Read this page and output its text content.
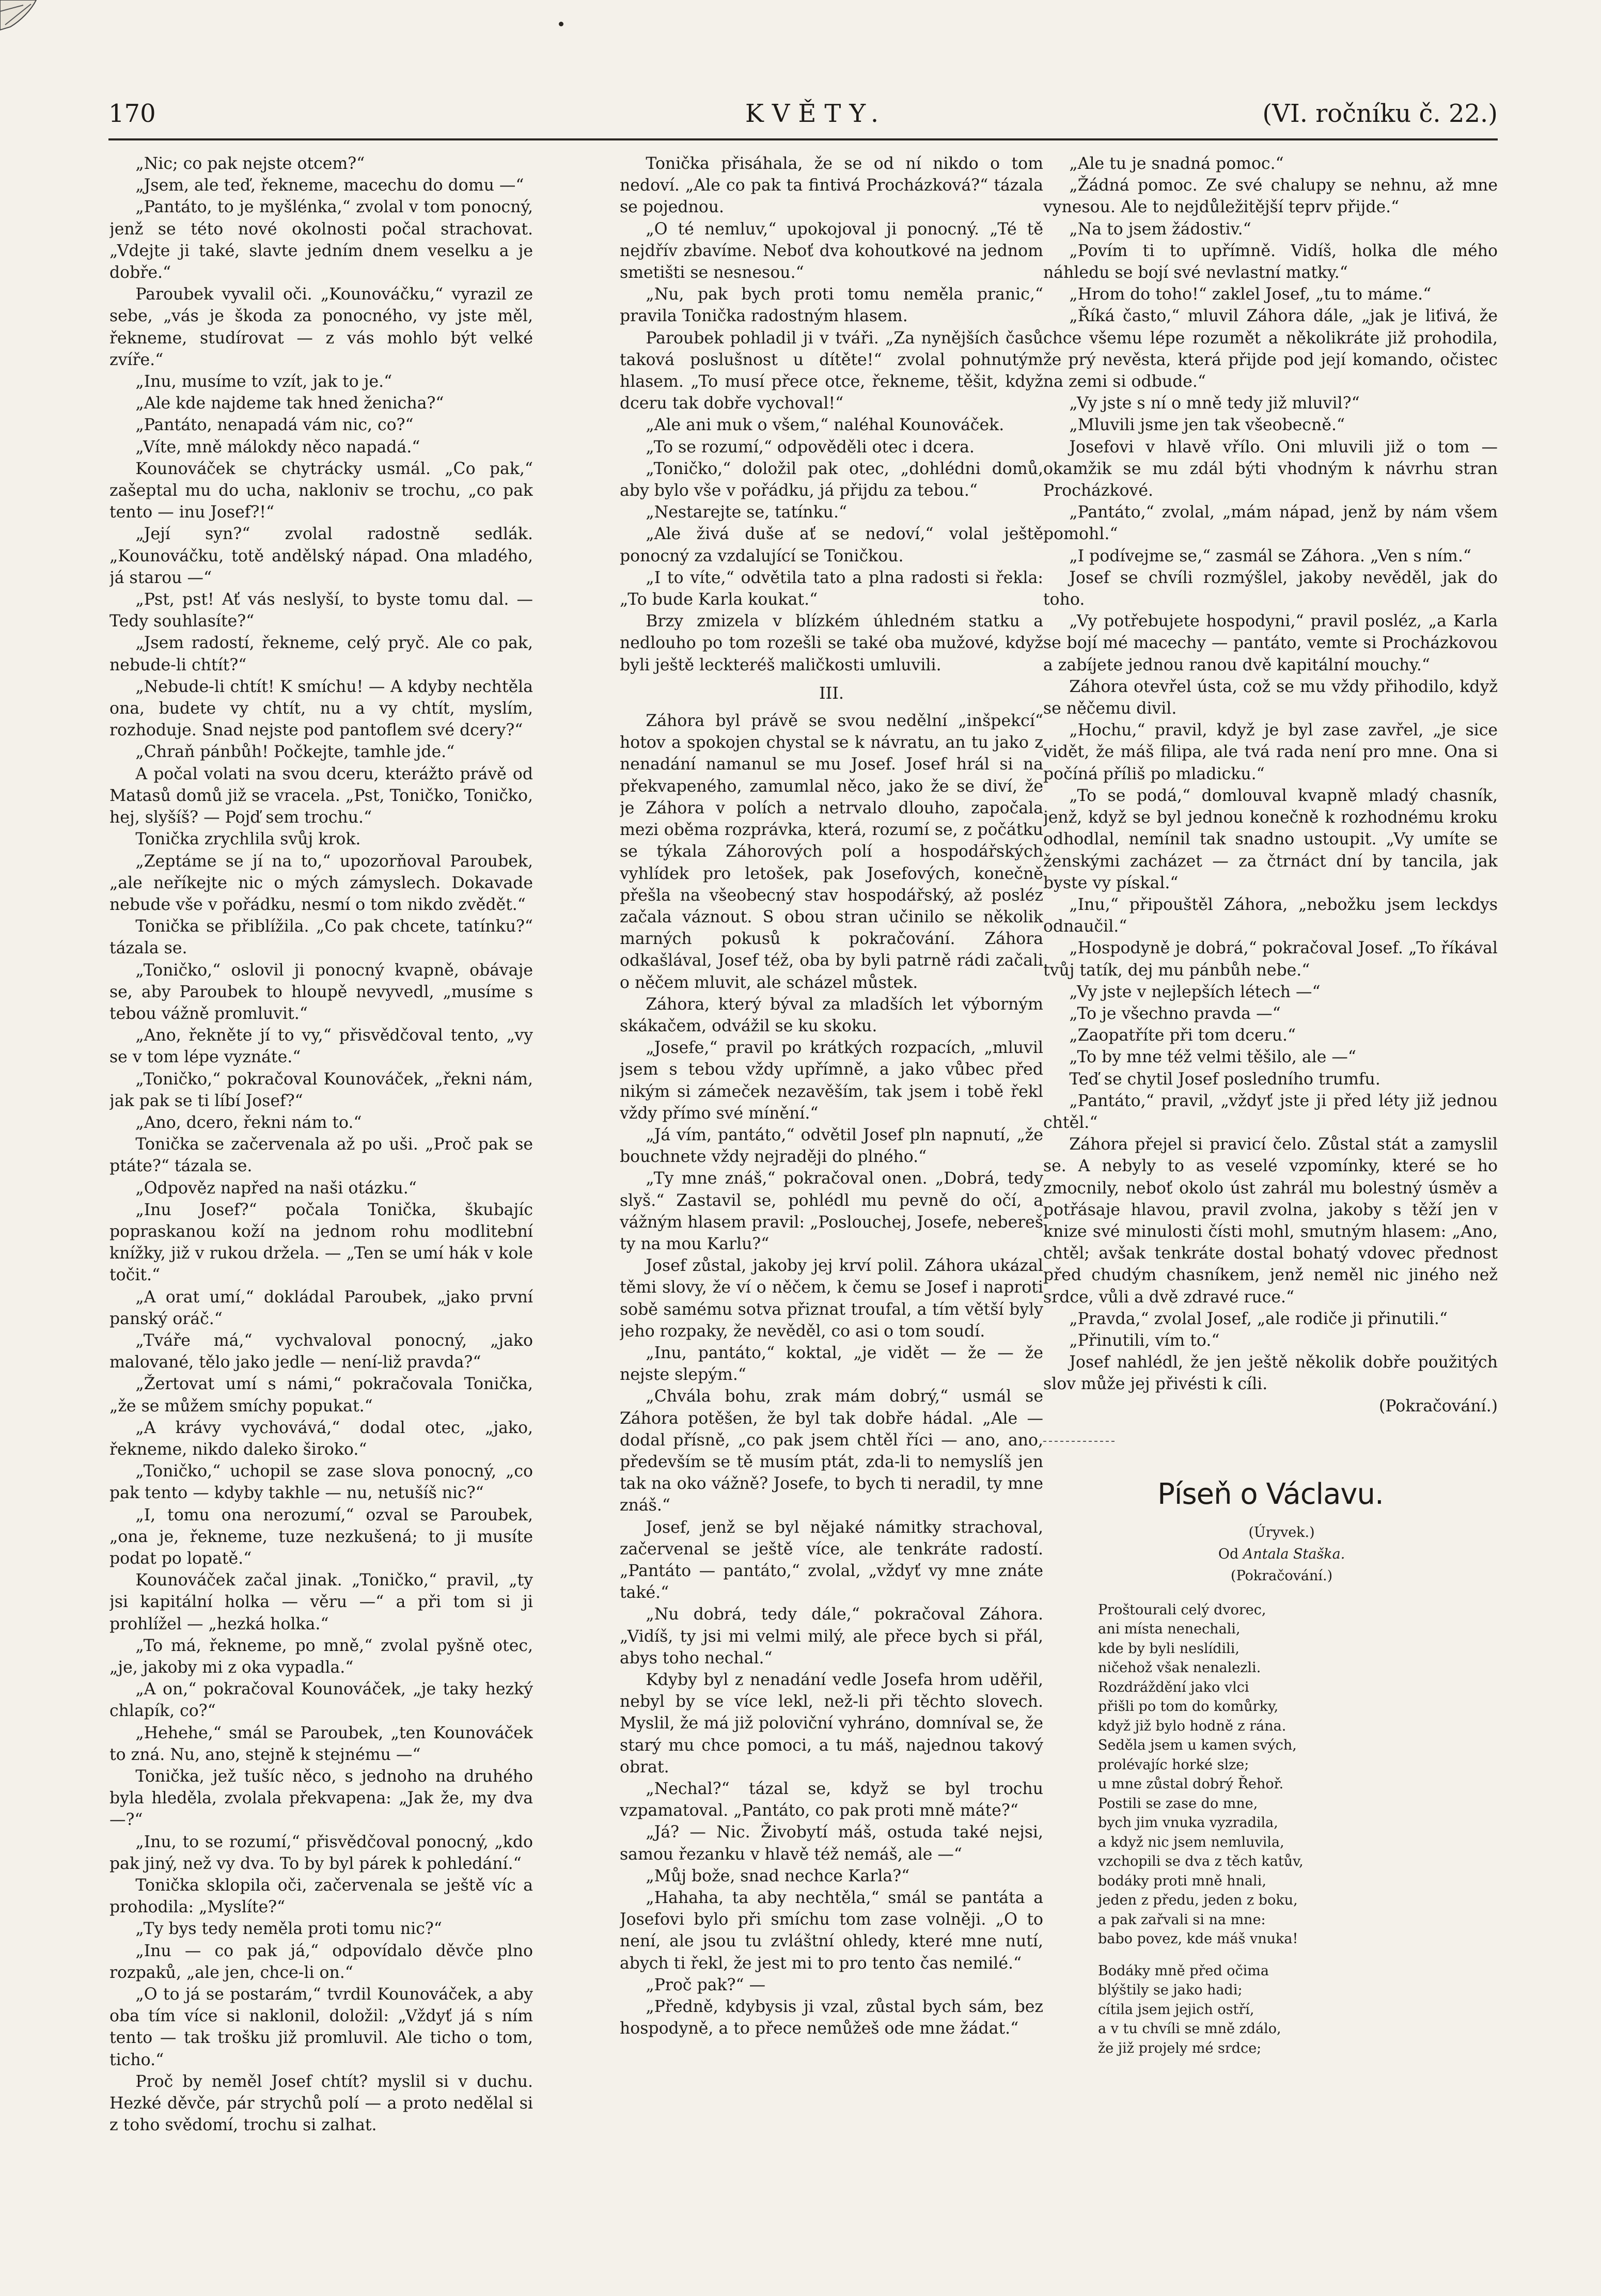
170	KVĚTY.	(VI. ročníku č. 22.)

„Nic; co pak nejste otcem?“

„Jsem, ale teď, řekneme, macechu do domu —“

„Pantáto, to je myšlénka,“ zvolal v tom ponocný, jenž se této nové okolnosti počal strachovat. „Vdejte ji také, slavte jedním dnem veselku a je dobře.“

Paroubek vyvalil oči. „Kounováčku,“ vyrazil ze sebe, „vás je škoda za ponocného, vy jste měl, řekneme, studírovat — z vás mohlo být velké zvíře.“

„Inu, musíme to vzít, jak to je.“

„Ale kde najdeme tak hned ženicha?“

„Pantáto, nenapadá vám nic, co?“

„Víte, mně málokdy něco napadá.“

Kounováček se chytrácky usmál. „Co pak,“ zašeptal mu do ucha, nakloniv se trochu, „co pak tento — inu Josef?!“

„Její syn?“ zvolal radostně sedlák. „Kounováčku, totě andělský nápad. Ona mladého, já starou —“

„Pst, pst! Ať vás neslyší, to byste tomu dal. — Tedy souhlasíte?“

„Jsem radostí, řekneme, celý pryč. Ale co pak, nebude-li chtít?“

„Nebude-li chtít! K smíchu! — A kdyby nechtěla ona, budete vy chtít, nu a vy chtít, myslím, rozhoduje. Snad nejste pod pantoflem své dcery?“

„Chraň pánbůh! Počkejte, tamhle jde.“

A počal volati na svou dceru, kterážto právě od Matasů domů již se vracela. „Pst, Toničko, Toničko, hej, slyšíš? — Pojď sem trochu.“

Tonička zrychlila svůj krok.

„Zeptáme se jí na to,“ upozorňoval Paroubek, „ale neříkejte nic o mých zámyslech. Dokavade nebude vše v pořádku, nesmí o tom nikdo zvědět.“

Tonička se přiblížila. „Co pak chcete, tatínku?“ tázala se.

„Toničko,“ oslovil ji ponocný kvapně, obávaje se, aby Paroubek to hloupě nevyvedl, „musíme s tebou vážně promluvit.“

„Ano, řekněte jí to vy,“ přisvědčoval tento, „vy se v tom lépe vyznáte.“

„Toničko,“ pokračoval Kounováček, „řekni nám, jak pak se ti líbí Josef?“

„Ano, dcero, řekni nám to.“

Tonička se začervenala až po uši. „Proč pak se ptáte?“ tázala se.

„Odpověz napřed na naši otázku.“

„Inu Josef?“ počala Tonička, škubajíc popraskanou koží na jednom rohu modlitební knížky, již v rukou držela. — „Ten se umí hák v kole točit.“

„A orat umí,“ dokládal Paroubek, „jako první panský oráč.“

„Tváře má,“ vychvaloval ponocný, „jako malované, tělo jako jedle — není-liž pravda?“

„Žertovat umí s námi,“ pokračovala Tonička, „že se můžem smíchy popukat.“

„A krávy vychovává,“ dodal otec, „jako, řekneme, nikdo daleko široko.“

„Toničko,“ uchopil se zase slova ponocný, „co pak tento — kdyby takhle — nu, netušíš nic?“

„I, tomu ona nerozumí,“ ozval se Paroubek, „ona je, řekneme, tuze nezkušená; to ji musíte podat po lopatě.“

Kounováček začal jinak. „Toničko,“ pravil, „ty jsi kapitální holka — věru —“ a při tom si ji prohlížel — „hezká holka.“

„To má, řekneme, po mně,“ zvolal pyšně otec, „je, jakoby mi z oka vypadla.“

„A on,“ pokračoval Kounováček, „je taky hezký chlapík, co?“

„Hehehe,“ smál se Paroubek, „ten Kounováček to zná. Nu, ano, stejně k stejnému —“

Tonička, jež tušíc něco, s jednoho na druhého byla hleděla, zvolala překvapena: „Jak že, my dva —?“

„Inu, to se rozumí,“ přisvědčoval ponocný, „kdo pak jiný, než vy dva. To by byl párek k pohledání.“

Tonička sklopila oči, začervenala se ještě víc a prohodila: „Myslíte?“

„Ty bys tedy neměla proti tomu nic?“

„Inu — co pak já,“ odpovídalo děvče plno rozpaků, „ale jen, chce-li on.“

„O to já se postarám,“ tvrdil Kounováček, a aby oba tím více si naklonil, doložil: „Vždyť já s ním tento — tak trošku již promluvil. Ale ticho o tom, ticho.“

Proč by neměl Josef chtít? myslil si v duchu. Hezké děvče, pár strychů polí — a proto nedělal si z toho svědomí, trochu si zalhat.

Tonička přisáhala, že se od ní nikdo o tom nedoví. „Ale co pak ta fintivá Procházková?“ tázala se pojednou.

„O té nemluv,“ upokojoval ji ponocný. „Té tě nejdřív zbavíme. Neboť dva kohoutkové na jednom smetišti se nesnesou.“

„Nu, pak bych proti tomu neměla pranic,“ pravila Tonička radostným hlasem.

Paroubek pohladil ji v tváři. „Za nynějších časů taková poslušnost u dítěte!“ zvolal pohnutým hlasem. „To musí přece otce, řekneme, těšit, když dceru tak dobře vychoval!“

„Ale ani muk o všem,“ naléhal Kounováček.

„To se rozumí,“ odpověděli otec i dcera.

„Toničko,“ doložil pak otec, „dohlédni domů, aby bylo vše v pořádku, já přijdu za tebou.“

„Nestarejte se, tatínku.“

„Ale živá duše ať se nedoví,“ volal ještě ponocný za vzdalující se Toničkou.

„I to víte,“ odvětila tato a plna radosti si řekla: „To bude Karla koukat.“

Brzy zmizela v blízkém úhledném statku a nedlouho po tom rozešli se také oba mužové, když byli ještě leckteréš maličkosti umluvili.

III.

Záhora byl právě se svou nedělní „inšpekcí“ hotov a spokojen chystal se k návratu, an tu jako z nenadání namanul se mu Josef. Josef hrál si na překvapeného, zamumlal něco, jako že se diví, že je Záhora v polích a netrvalo dlouho, započala mezi oběma rozprávka, která, rozumí se, z počátku se týkala Záhorových polí a hospodářských vyhlídek pro letošek, pak Josefových, konečně přešla na všeobecný stav hospodářský, až posléz začala váznout. S obou stran učinilo se několik marných pokusů k pokračování. Záhora odkašlával, Josef též, oba by byli patrně rádi začali o něčem mluvit, ale scházel můstek.

Záhora, který býval za mladších let výborným skákačem, odvážil se ku skoku.

„Josefe,“ pravil po krátkých rozpacích, „mluvil jsem s tebou vždy upřímně, a jako vůbec před nikým si zámeček nezavěším, tak jsem i tobě řekl vždy přímo své mínění.“

„Já vím, pantáto,“ odvětil Josef pln napnutí, „že bouchnete vždy nejraději do plného.“

„Ty mne znáš,“ pokračoval onen. „Dobrá, tedy slyš.“ Zastavil se, pohlédl mu pevně do očí, a vážným hlasem pravil: „Poslouchej, Josefe, nebereš ty na mou Karlu?“

Josef zůstal, jakoby jej krví polil. Záhora ukázal těmi slovy, že ví o něčem, k čemu se Josef i naproti sobě samému sotva přiznat troufal, a tím větší byly jeho rozpaky, že nevěděl, co asi o tom soudí.

„Inu, pantáto,“ koktal, „je vidět — že — že nejste slepým.“

„Chvála bohu, zrak mám dobrý,“ usmál se Záhora potěšen, že byl tak dobře hádal. „Ale — dodal přísně, „co pak jsem chtěl říci — ano, ano, především se tě musím ptát, zda-li to nemyslíš jen tak na oko vážně? Josefe, to bych ti neradil, ty mne znáš.“

Josef, jenž se byl nějaké námitky strachoval, začervenal se ještě více, ale tenkráte radostí. „Pantáto — pantáto,“ zvolal, „vždyť vy mne znáte také.“

„Nu dobrá, tedy dále,“ pokračoval Záhora. „Vidíš, ty jsi mi velmi milý, ale přece bych si přál, abys toho nechal.“

Kdyby byl z nenadání vedle Josefa hrom uděřil, nebyl by se více lekl, než-li při těchto slovech. Myslil, že má již poloviční vyhráno, domníval se, že starý mu chce pomoci, a tu máš, najednou takový obrat.

„Nechal?“ tázal se, když se byl trochu vzpamatoval. „Pantáto, co pak proti mně máte?“

„Já? — Nic. Živobytí máš, ostuda také nejsi, samou řezanku v hlavě též nemáš, ale —“

„Můj bože, snad nechce Karla?“

„Hahaha, ta aby nechtěla,“ smál se pantáta a Josefovi bylo při smíchu tom zase volněji. „O to není, ale jsou tu zvláštní ohledy, které mne nutí, abych ti řekl, že jest mi to pro tento čas nemilé.“

„Proč pak?“ —

„Předně, kdybysis ji vzal, zůstal bych sám, bez hospodyně, a to přece nemůžeš ode mne žádat.“

„Ale tu je snadná pomoc.“

„Žádná pomoc. Ze své chalupy se nehnu, až mne vynesou. Ale to nejdůležitější teprv přijde.“

„Na to jsem žádostiv.“

„Povím ti to upřímně. Vidíš, holka dle mého náhledu se bojí své nevlastní matky.“

„Hrom do toho!“ zaklel Josef, „tu to máme.“

„Říká často,“ mluvil Záhora dále, „jak je liťivá, že chce všemu lépe rozumět a několikráte již prohodila, že prý nevěsta, která přijde pod její komando, očistec na zemi si odbude.“

„Vy jste s ní o mně tedy již mluvil?“

„Mluvili jsme jen tak všeobecně.“

Josefovi v hlavě vřílo. Oni mluvili již o tom — okamžik se mu zdál býti vhodným k návrhu stran Procházkové.

„Pantáto,“ zvolal, „mám nápad, jenž by nám všem pomohl.“

„I podívejme se,“ zasmál se Záhora. „Ven s ním.“

Josef se chvíli rozmýšlel, jakoby nevěděl, jak do toho.

„Vy potřebujete hospodyni,“ pravil posléz, „a Karla se bojí mé macechy — pantáto, vemte si Procházkovou a zabíjete jednou ranou dvě kapitální mouchy.“

Záhora otevřel ústa, což se mu vždy přihodilo, když se něčemu divil.

„Hochu,“ pravil, když je byl zase zavřel, „je sice vidět, že máš filipa, ale tvá rada není pro mne. Ona si počíná příliš po mladicku.“

„To se podá,“ domlouval kvapně mladý chasník, jenž, když se byl jednou konečně k rozhodnému kroku odhodlal, nemínil tak snadno ustoupit. „Vy umíte se ženskými zacházet — za čtrnáct dní by tancila, jak byste vy pískal.“

„Inu,“ připouštěl Záhora, „nebožku jsem leckdys odnaučil.“

„Hospodyně je dobrá,“ pokračoval Josef. „To říkával tvůj tatík, dej mu pánbůh nebe.“

„Vy jste v nejlepších létech —“

„To je všechno pravda —“

„Zaopatříte při tom dceru.“

„To by mne též velmi těšilo, ale —“

Teď se chytil Josef posledního trumfu.

„Pantáto,“ pravil, „vždyť jste ji před léty již jednou chtěl.“

Záhora přejel si pravicí čelo. Zůstal stát a zamyslil se. A nebyly to as veselé vzpomínky, které se ho zmocnily, neboť okolo úst zahrál mu bolestný úsměv a potřásaje hlavou, pravil zvolna, jakoby s těží jen v knize své minulosti čísti mohl, smutným hlasem: „Ano, chtěl; avšak tenkráte dostal bohatý vdovec přednost před chudým chasníkem, jenž neměl nic jiného než srdce, vůli a dvě zdravé ruce.“

„Pravda,“ zvolal Josef, „ale rodiče ji přinutili.“

„Přinutili, vím to.“

Josef nahlédl, že jen ještě několik dobře použitých slov může jej přivésti k cíli.

(Pokračování.)

Píseň o Václavu.

(Úryvek.)

Od Antala Staška.

(Pokračování.)

Proštourali celý dvorec,
ani místa nenechali,
kde by byli neslídili,
ničehož však nenalezli.
Rozdráždění jako vlci
přišli po tom do komůrky,
když již bylo hodně z rána.
Seděla jsem u kamen svých,
prolévajíc horké slze;
u mne zůstal dobrý Řehoř.
Postili se zase do mne,
bych jim vnuka vyzradila,
a když nic jsem nemluvila,
vzchopili se dva z těch katův,
bodáky proti mně hnali,
jeden z předu, jeden z boku,
a pak zařvali si na mne:
babo povez, kde máš vnuka!
Bodáky mně před očima
blýštily se jako hadi;
cítila jsem jejich ostří,
a v tu chvíli se mně zdálo,
že již projely mé srdce;
